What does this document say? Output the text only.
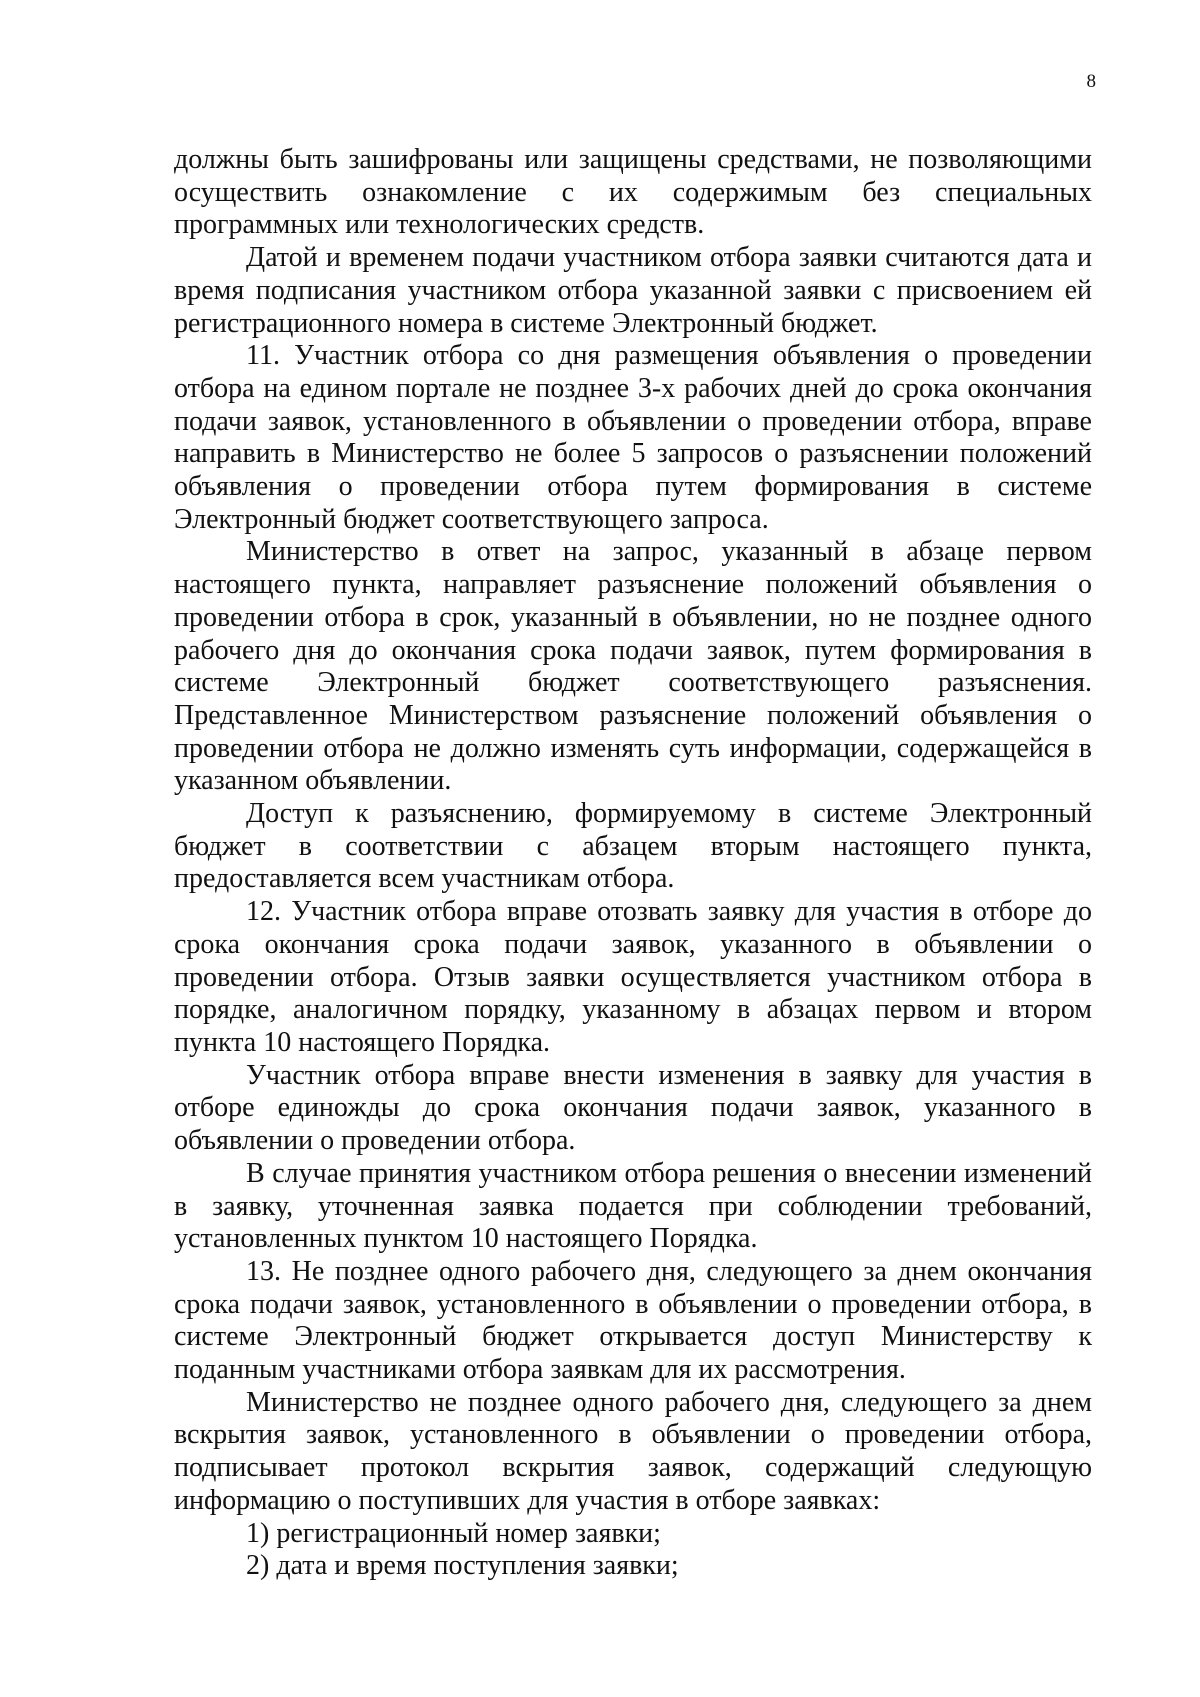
8

должны быть зашифрованы или защищены средствами, не позволяющими осуществить ознакомление с их содержимым без специальных программных или технологических средств.

Датой и временем подачи участником отбора заявки считаются дата и время подписания участником отбора указанной заявки с присвоением ей регистрационного номера в системе Электронный бюджет.

11. Участник отбора со дня размещения объявления о проведении отбора на едином портале не позднее 3-х рабочих дней до срока окончания подачи заявок, установленного в объявлении о проведении отбора, вправе направить в Министерство не более 5 запросов о разъяснении положений объявления о проведении отбора путем формирования в системе Электронный бюджет соответствующего запроса.

Министерство в ответ на запрос, указанный в абзаце первом настоящего пункта, направляет разъяснение положений объявления о проведении отбора в срок, указанный в объявлении, но не позднее одного рабочего дня до окончания срока подачи заявок, путем формирования в системе Электронный бюджет соответствующего разъяснения. Представленное Министерством разъяснение положений объявления о проведении отбора не должно изменять суть информации, содержащейся в указанном объявлении.

Доступ к разъяснению, формируемому в системе Электронный бюджет в соответствии с абзацем вторым настоящего пункта, предоставляется всем участникам отбора.

12. Участник отбора вправе отозвать заявку для участия в отборе до срока окончания срока подачи заявок, указанного в объявлении о проведении отбора. Отзыв заявки осуществляется участником отбора в порядке, аналогичном порядку, указанному в абзацах первом и втором пункта 10 настоящего Порядка.

Участник отбора вправе внести изменения в заявку для участия в отборе единожды до срока окончания подачи заявок, указанного в объявлении о проведении отбора.

В случае принятия участником отбора решения о внесении изменений в заявку, уточненная заявка подается при соблюдении требований, установленных пунктом 10 настоящего Порядка.

13. Не позднее одного рабочего дня, следующего за днем окончания срока подачи заявок, установленного в объявлении о проведении отбора, в системе Электронный бюджет открывается доступ Министерству к поданным участниками отбора заявкам для их рассмотрения.

Министерство не позднее одного рабочего дня, следующего за днем вскрытия заявок, установленного в объявлении о проведении отбора, подписывает протокол вскрытия заявок, содержащий следующую информацию о поступивших для участия в отборе заявках:

1) регистрационный номер заявки;

2) дата и время поступления заявки;
